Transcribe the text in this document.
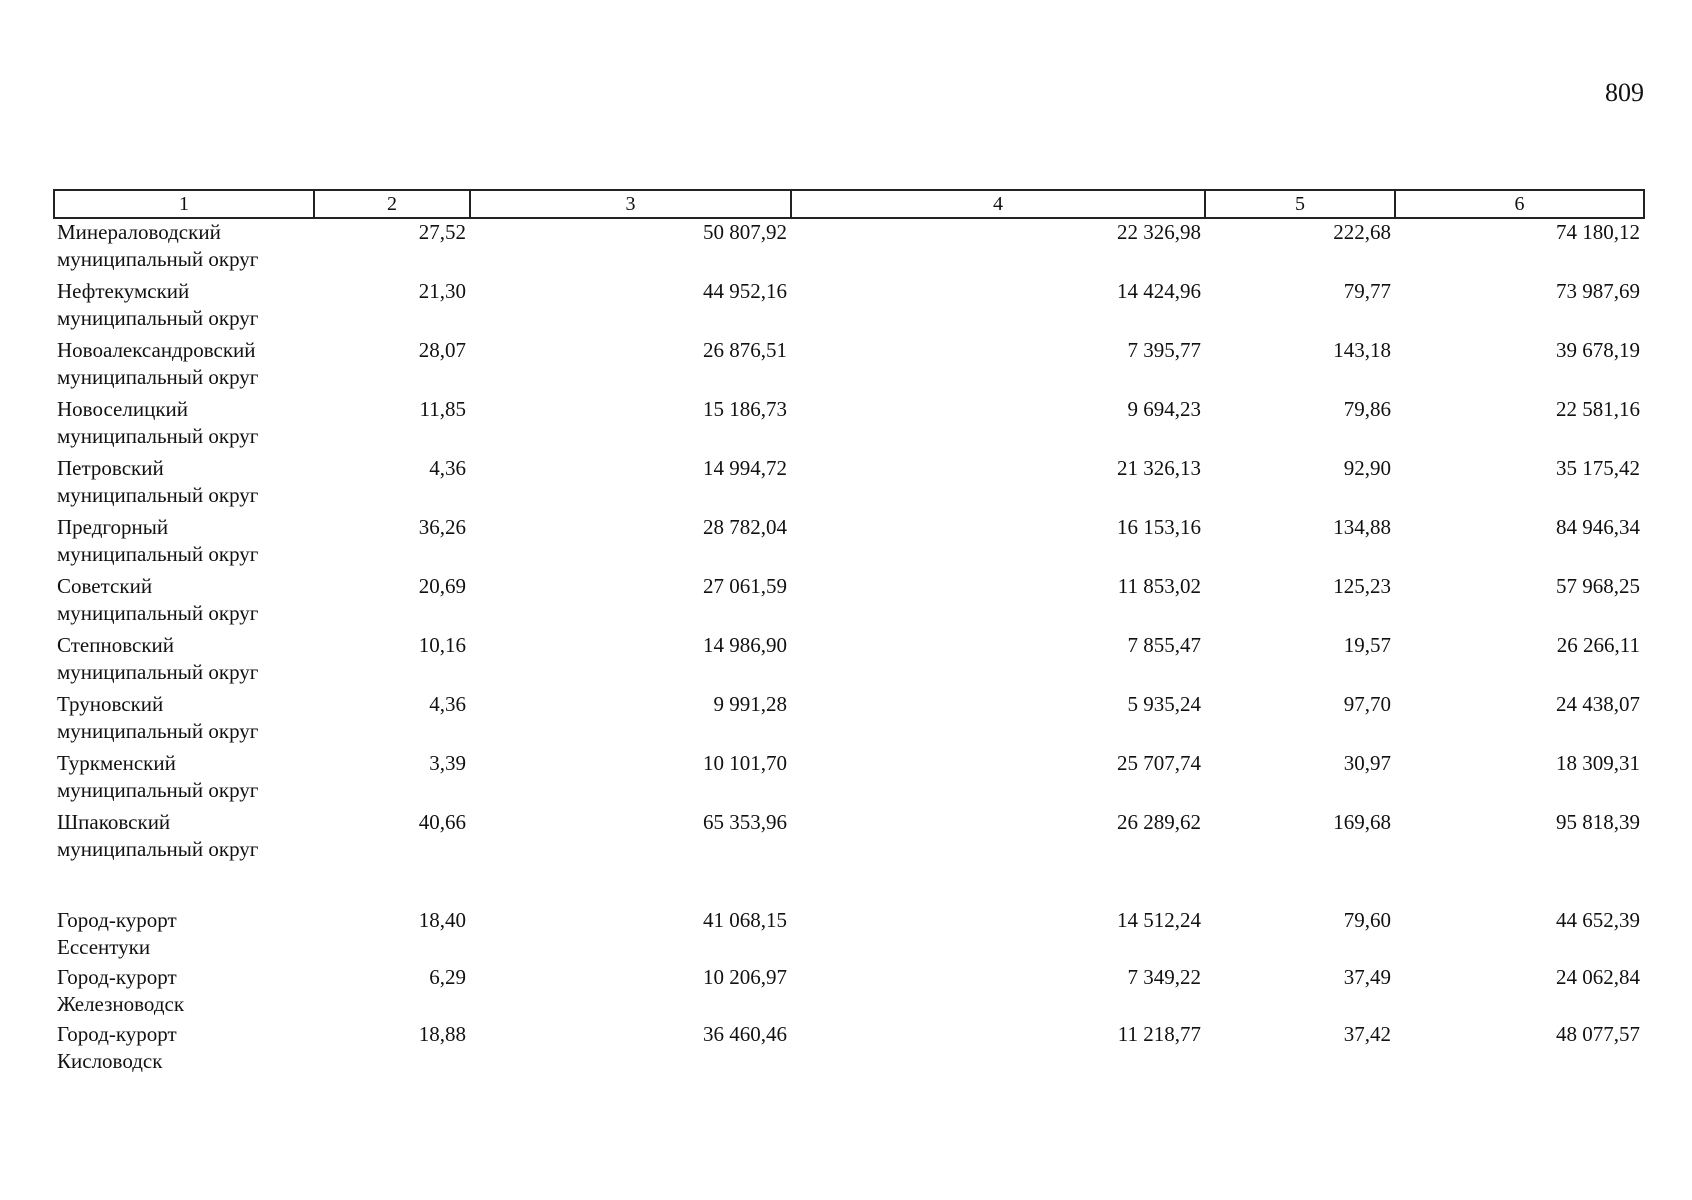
809
1	2	3	4	5	6

Минераловодский
муниципальный округ	27,52	50 807,92	22 326,98	222,68	74 180,12

Нефтекумский
муниципальный округ	21,30	44 952,16	14 424,96	79,77	73 987,69

Новоалександровский
муниципальный округ	28,07	26 876,51	7 395,77	143,18	39 678,19

Новоселицкий
муниципальный округ	11,85	15 186,73	9 694,23	79,86	22 581,16

Петровский
муниципальный округ	4,36	14 994,72	21 326,13	92,90	35 175,42

Предгорный
муниципальный округ	36,26	28 782,04	16 153,16	134,88	84 946,34

Советский
муниципальный округ	20,69	27 061,59	11 853,02	125,23	57 968,25

Степновский
муниципальный округ	10,16	14 986,90	7 855,47	19,57	26 266,11

Труновский
муниципальный округ	4,36	9 991,28	5 935,24	97,70	24 438,07

Туркменский
муниципальный округ	3,39	10 101,70	25 707,74	30,97	18 309,31

Шпаковский
муниципальный округ	40,66	65 353,96	26 289,62	169,68	95 818,39

Город-курорт
Ессентуки	18,40	41 068,15	14 512,24	79,60	44 652,39

Город-курорт
Железноводск	6,29	10 206,97	7 349,22	37,49	24 062,84

Город-курорт
Кисловодск	18,88	36 460,46	11 218,77	37,42	48 077,57
